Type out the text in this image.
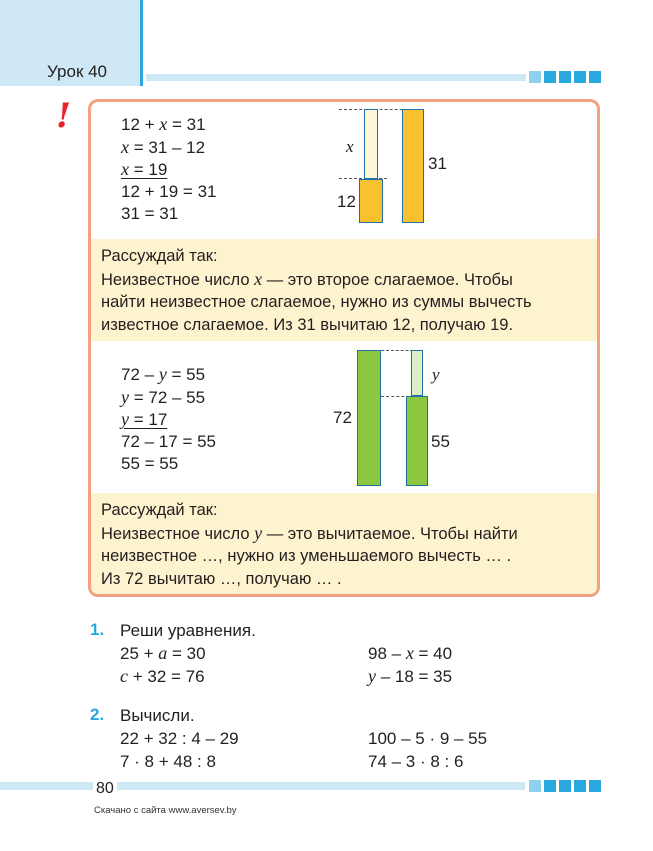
Урок 40
!	12 + x = 31
x = 31 – 12
x = 19
12 + 19 = 31
31 = 31
x
12
31
Рассуждай так:
Неизвестное число x — это второе слагаемое. Чтобы
найти неизвестное слагаемое, нужно из суммы вычесть
известное слагаемое. Из 31 вычитаю 12, получаю 19.
72 – y = 55
y = 72 – 55
y = 17
72 – 17 = 55
55 = 55
72
y
55
Рассуждай так:
Неизвестное число y — это вычитаемое. Чтобы найти
неизвестное …, нужно из уменьшаемого вычесть … .
Из 72 вычитаю …, получаю … .
1. Реши уравнения.
25 + a = 30
c + 32 = 76
98 – x = 40
y – 18 = 35
2. Вычисли.
22 + 32 : 4 – 29
7 · 8 + 48 : 8
100 – 5 · 9 – 55
74 – 3 · 8 : 6
80
Скачано с сайта www.aversev.by
